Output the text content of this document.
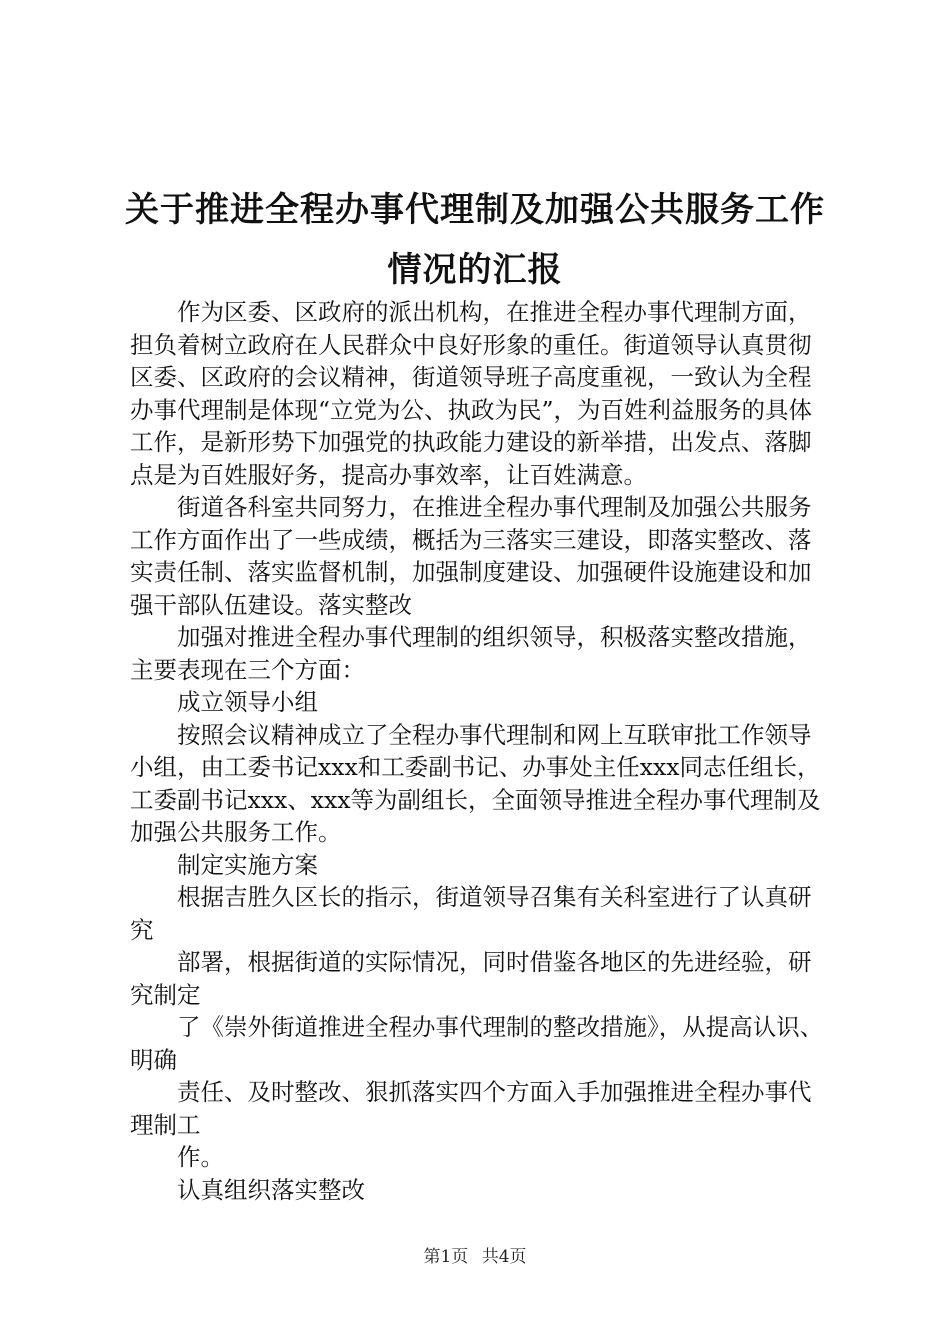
关于推进全程办事代理制及加强公共服务工作
情况的汇报

作为区委、区政府的派出机构，在推进全程办事代理制方面，担负着树立政府在人民群众中良好形象的重任。街道领导认真贯彻区委、区政府的会议精神，街道领导班子高度重视，一致认为全程办事代理制是体现“立党为公、执政为民”，为百姓利益服务的具体工作，是新形势下加强党的执政能力建设的新举措，出发点、落脚点是为百姓服好务，提高办事效率，让百姓满意。

街道各科室共同努力，在推进全程办事代理制及加强公共服务工作方面作出了一些成绩，概括为三落实三建设，即落实整改、落实责任制、落实监督机制，加强制度建设、加强硬件设施建设和加强干部队伍建设。落实整改

加强对推进全程办事代理制的组织领导，积极落实整改措施，主要表现在三个方面：

成立领导小组

按照会议精神成立了全程办事代理制和网上互联审批工作领导小组，由工委书记xxx和工委副书记、办事处主任xxx同志任组长，工委副书记xxx、xxx等为副组长，全面领导推进全程办事代理制及加强公共服务工作。

制定实施方案

根据吉胜久区长的指示，街道领导召集有关科室进行了认真研究

部署，根据街道的实际情况，同时借鉴各地区的先进经验，研究制定

了《崇外街道推进全程办事代理制的整改措施》，从提高认识、明确

责任、及时整改、狠抓落实四个方面入手加强推进全程办事代理制工

作。

认真组织落实整改

第1页 共4页
